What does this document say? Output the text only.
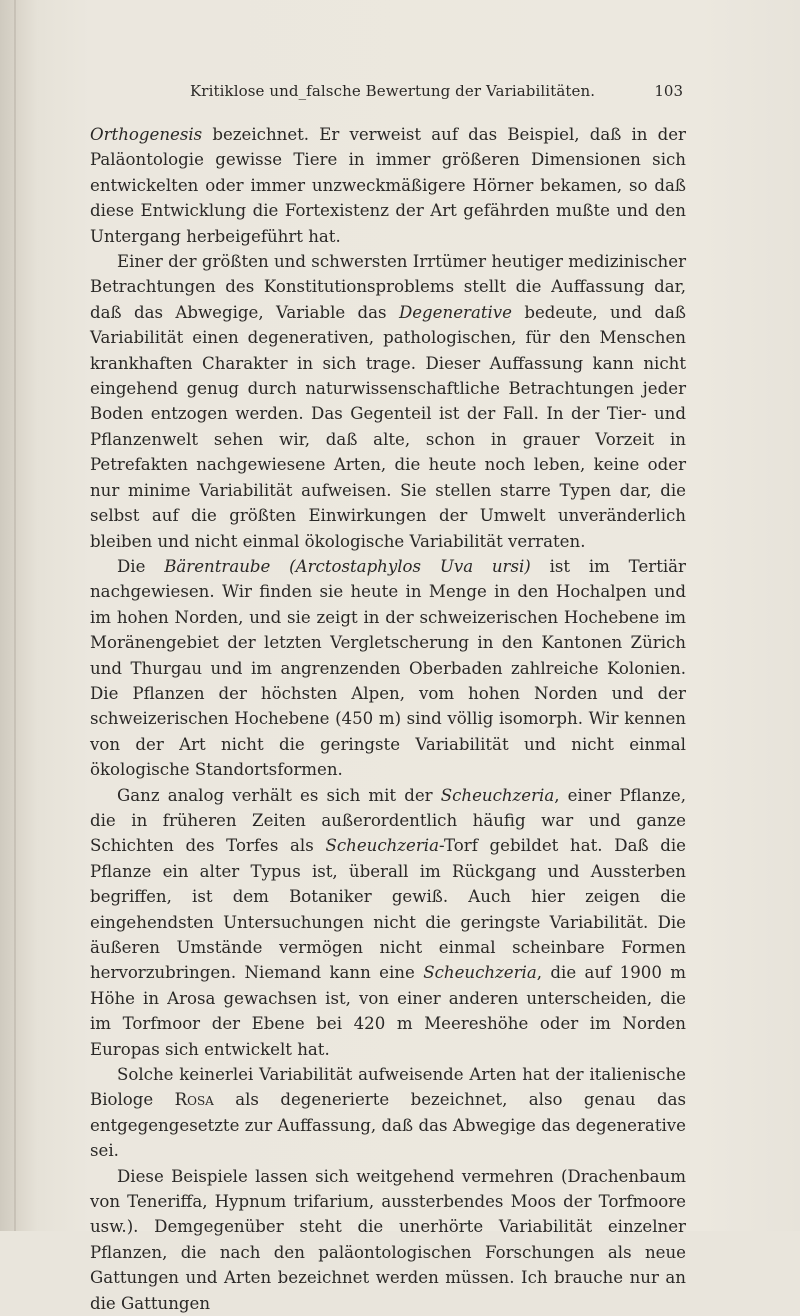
Kritiklose und_falsche Bewertung der Variabilitäten.	103

Orthogenesis bezeichnet. Er verweist auf das Beispiel, daß in der Paläontologie gewisse Tiere in immer größeren Dimensionen sich entwickelten oder immer unzweckmäßigere Hörner bekamen, so daß diese Entwicklung die Fortexistenz der Art gefährden mußte und den Untergang herbeigeführt hat.

Einer der größten und schwersten Irrtümer heutiger medizinischer Betrachtungen des Konstitutionsproblems stellt die Auffassung dar, daß das Abwegige, Variable das Degenerative bedeute, und daß Variabilität einen degenerativen, pathologischen, für den Menschen krankhaften Charakter in sich trage. Dieser Auffassung kann nicht eingehend genug durch naturwissenschaftliche Betrachtungen jeder Boden entzogen werden. Das Gegenteil ist der Fall. In der Tier- und Pflanzenwelt sehen wir, daß alte, schon in grauer Vorzeit in Petrefakten nachgewiesene Arten, die heute noch leben, keine oder nur minime Variabilität aufweisen. Sie stellen starre Typen dar, die selbst auf die größten Einwirkungen der Umwelt unveränderlich bleiben und nicht einmal ökologische Variabilität verraten.

Die Bärentraube (Arctostaphylos Uva ursi) ist im Tertiär nachgewiesen. Wir finden sie heute in Menge in den Hochalpen und im hohen Norden, und sie zeigt in der schweizerischen Hochebene im Moränengebiet der letzten Vergletscherung in den Kantonen Zürich und Thurgau und im angrenzenden Oberbaden zahlreiche Kolonien. Die Pflanzen der höchsten Alpen, vom hohen Norden und der schweizerischen Hochebene (450 m) sind völlig isomorph. Wir kennen von der Art nicht die geringste Variabilität und nicht einmal ökologische Standortsformen.

Ganz analog verhält es sich mit der Scheuchzeria, einer Pflanze, die in früheren Zeiten außerordentlich häufig war und ganze Schichten des Torfes als Scheuchzeria-Torf gebildet hat. Daß die Pflanze ein alter Typus ist, überall im Rückgang und Aussterben begriffen, ist dem Botaniker gewiß. Auch hier zeigen die eingehendsten Untersuchungen nicht die geringste Variabilität. Die äußeren Umstände vermögen nicht einmal scheinbare Formen hervorzubringen. Niemand kann eine Scheuchzeria, die auf 1900 m Höhe in Arosa gewachsen ist, von einer anderen unterscheiden, die im Torfmoor der Ebene bei 420 m Meereshöhe oder im Norden Europas sich entwickelt hat.

Solche keinerlei Variabilität aufweisende Arten hat der italienische Biologe Rosa als degenerierte bezeichnet, also genau das entgegengesetzte zur Auffassung, daß das Abwegige das degenerative sei.

Diese Beispiele lassen sich weitgehend vermehren (Drachenbaum von Teneriffa, Hypnum trifarium, aussterbendes Moos der Torfmoore usw.). Demgegenüber steht die unerhörte Variabilität einzelner Pflanzen, die nach den paläontologischen Forschungen als neue Gattungen und Arten bezeichnet werden müssen. Ich brauche nur an die Gattungen
